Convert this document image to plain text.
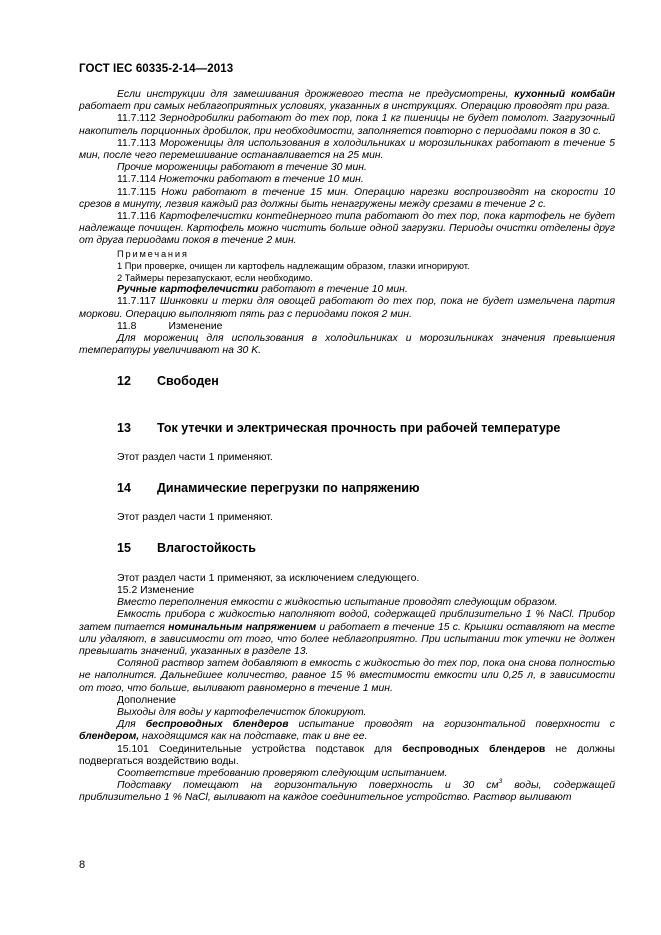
ГОСТ IEC 60335-2-14—2013

Если инструкции для замешивания дрожжевого теста не предусмотрены, кухонный комбайн работает при самых неблагоприятных условиях, указанных в инструкциях. Операцию проводят при раза.

11.7.112 Зернодробилки работают до тех пор, пока 1 кг пшеницы не будет помолот. Загрузочный накопитель порционных дробилок, при необходимости, заполняется повторно с периодами покоя в 30 с.

11.7.113 Мороженицы для использования в холодильниках и морозильниках работают в течение 5 мин, после чего перемешивание останавливается на 25 мин.

Прочие мороженицы работают в течение 30 мин.

11.7.114 Ножеточки работают в течение 10 мин.

11.7.115 Ножи работают в течение 15 мин. Операцию нарезки воспроизводят на скорости 10 срезов в минуту, лезвия каждый раз должны быть ненагружены между срезами в течение 2 с.

11.7.116 Картофелечистки контейнерного типа работают до тех пор, пока картофель не будет надлежаще почищен. Картофель можно чистить больше одной загрузки. Периоды очистки отделены друг от друга периодами покоя в течение 2 мин.

Примечания

1 При проверке, очищен ли картофель надлежащим образом, глазки игнорируют.

2 Таймеры перезапускают, если необходимо.

Ручные картофелечистки работают в течение 10 мин.

11.7.117 Шинковки и терки для овощей работают до тех пор, пока не будет измельчена партия моркови. Операцию выполняют пять раз с периодами покоя 2 мин.

11.8	Изменение

Для морожениц для использования в холодильниках и морозильниках значения превышения температуры увеличивают на 30 K.

12	Свободен
13	Ток утечки и электрическая прочность при рабочей температуре

Этот раздел части 1 применяют.

14	Динамические перегрузки по напряжению

Этот раздел части 1 применяют.

15	Влагостойкость

Этот раздел части 1 применяют, за исключением следующего.

15.2 Изменение

Вместо переполнения емкости с жидкостью испытание проводят следующим образом.

Емкость прибора с жидкостью наполняют водой, содержащей приблизительно 1 % NaCl. Прибор затем питается номинальным напряжением и работает в течение 15 с. Крышки оставляют на месте или удаляют, в зависимости от того, что более неблагоприятно. При испытании ток утечки не должен превышать значений, указанных в разделе 13.

Соляной раствор затем добавляют в емкость с жидкостью до тех пор, пока она снова полностью не наполнится. Дальнейшее количество, равное 15 % вместимости емкости или 0,25 л, в зависимости от того, что больше, выливают равномерно в течение 1 мин.

Дополнение

Выходы для воды у картофелечисток блокируют.

Для беспроводных блендеров испытание проводят на горизонтальной поверхности с блендером, находящимся как на подставке, так и вне ее.

15.101 Соединительные устройства подставок для беспроводных блендеров не должны подвергаться воздействию воды.

Соответствие требованию проверяют следующим испытанием.

Подставку помещают на горизонтальную поверхность и 30 $см^3$ воды, содержащей приблизительно 1 % NaCl, выливают на каждое соединительное устройство. Раствор выливают

8
